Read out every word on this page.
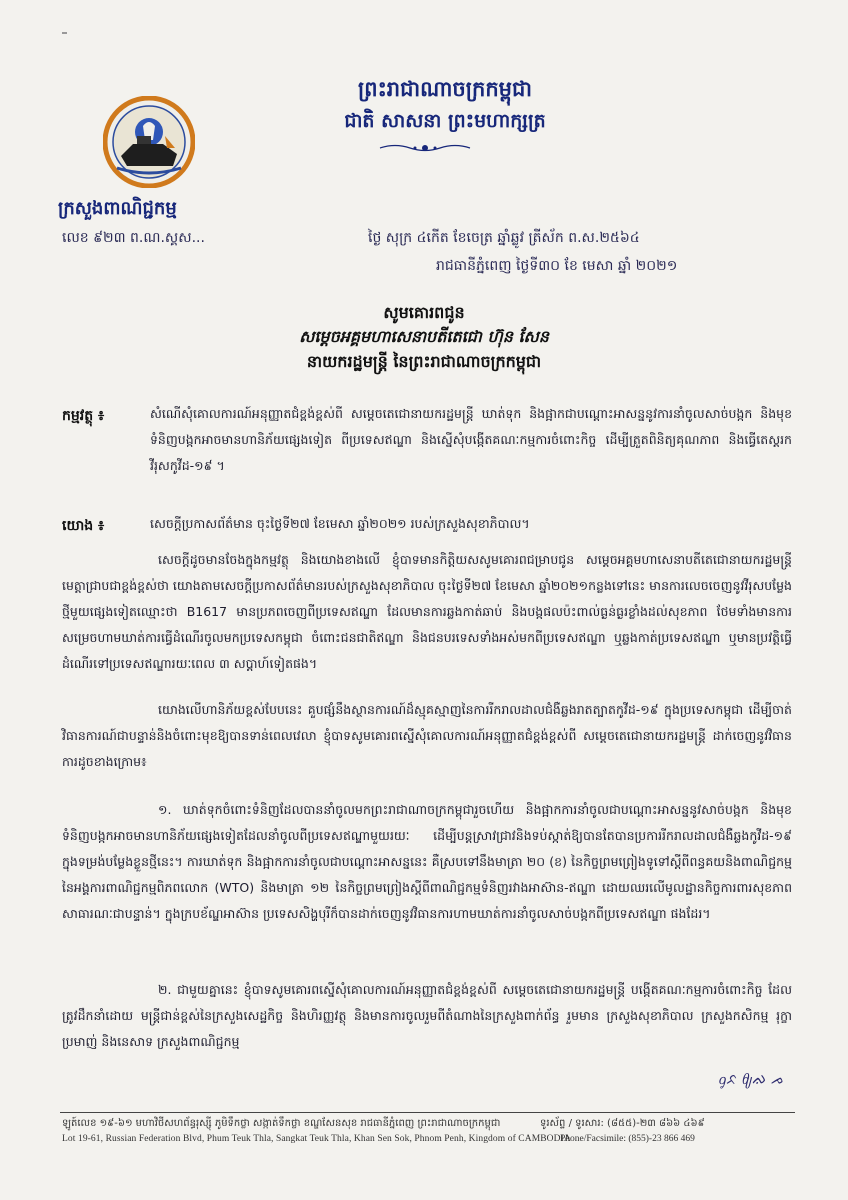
ព្រះរាជាណាចក្រកម្ពុជា
ជាតិ សាសនា ព្រះមហាក្សត្រ
ក្រសួងពាណិជ្ជកម្ម
លេខ ៩២៣ ព.ណ.ស្គស...	ថ្ងៃ សុក្រ ៤កើត ខែចេត្រ ឆ្នាំឆ្លូវ ត្រីស័ក ព.ស.២៥៦៤
រាជធានីភ្នំពេញ ថ្ងៃទី៣០ ខែ មេសា ឆ្នាំ ២០២១
សូមគោរពជូន
សម្តេចអគ្គមហាសេនាបតីតេជោ ហ៊ុន សែន
នាយករដ្ឋមន្ត្រី នៃព្រះរាជាណាចក្រកម្ពុជា
កម្មវត្ថុ ៖	សំណើសុំគោលការណ៍អនុញ្ញាតជំខ្ពង់ខ្ពស់ពី សម្តេចតេជោនាយករដ្ឋមន្ត្រី ឃាត់ទុក និងផ្អាកជាបណ្តោះអាសន្ននូវការនាំចូលសាច់បង្កក និងមុខទំនិញបង្កកអាចមានហានិភ័យផ្សេងទៀត ពីប្រទេសឥណ្ឌា និងស្នើសុំបង្កើតគណៈកម្មការចំពោះកិច្ច ដើម្បីត្រួតពិនិត្យគុណភាព និងធ្វើតេស្តរកវីរុសកូវីដ-១៩ ។
យោង ៖	សេចក្តីប្រកាសព័ត៌មាន ចុះថ្ងៃទី២៧ ខែមេសា ឆ្នាំ២០២១ របស់ក្រសួងសុខាភិបាល។
សេចក្តីដូចមានចែងក្នុងកម្មវត្ថុ និងយោងខាងលើ ខ្ញុំបាទមានកិត្តិយសសូមគោរពជម្រាបជូន សម្តេចអគ្គមហាសេនាបតីតេជោនាយករដ្ឋមន្ត្រី មេត្តាជ្រាបជាខ្ពង់ខ្ពស់ថា យោងតាមសេចក្តីប្រកាសព័ត៌មានរបស់ក្រសួងសុខាភិបាល ចុះថ្ងៃទី២៧ ខែមេសា ឆ្នាំ២០២១កន្លងទៅនេះ មានការលេចចេញនូវវីរុសបម្លែងថ្មីមួយផ្សេងទៀតឈ្មោះថា B1617 មានប្រភពចេញពីប្រទេសឥណ្ឌា ដែលមានការឆ្លងកាត់ឆាប់ និងបង្កផលប៉ះពាល់ធ្ងន់ធ្ងរខ្លាំងដល់សុខភាព ថែមទាំងមានការសម្រេចហាមឃាត់ការធ្វើដំណើរចូលមកប្រទេសកម្ពុជា ចំពោះជនជាតិឥណ្ឌា និងជនបរទេសទាំងអស់មកពីប្រទេសឥណ្ឌា ឬឆ្លងកាត់ប្រទេសឥណ្ឌា ឬមានប្រវត្តិធ្វើដំណើរទៅប្រទេសឥណ្ឌារយៈពេល ៣ សប្តាហ៍ទៀតផង។
យោងលើហានិភ័យខ្ពស់បែបនេះ គួបផ្សំនឹងស្ថានការណ៍ដ៏ស្មុគស្មាញនៃការរីករាលដាលជំងឺឆ្លងរាតត្បាតកូវីដ-១៩ ក្នុងប្រទេសកម្ពុជា ដើម្បីចាត់វិធានការណ៍ជាបន្ទាន់និងចំពោះមុខឱ្យបានទាន់ពេលវេលា ខ្ញុំបាទសូមគោរពស្នើសុំគោលការណ៍អនុញ្ញាតជំខ្ពង់ខ្ពស់ពី សម្តេចតេជោនាយករដ្ឋមន្ត្រី ដាក់ចេញនូវវិធានការដូចខាងក្រោម៖
១. ឃាត់ទុកចំពោះទំនិញដែលបាននាំចូលមកព្រះរាជាណាចក្រកម្ពុជារួចហើយ និងផ្អាកការនាំចូលជាបណ្តោះអាសន្ននូវសាច់បង្កក និងមុខទំនិញបង្កកអាចមានហានិភ័យផ្សេងទៀតដែលនាំចូលពីប្រទេសឥណ្ឌាមួយរយៈ ដើម្បីបន្តស្រាវជ្រាវនិងទប់ស្កាត់ឱ្យបានតែបានប្រការរីករាលដាលជំងឺឆ្លងកូវីដ-១៩ ក្នុងទម្រង់បម្លែងខ្លួនថ្មីនេះ។ ការឃាត់ទុក និងផ្អាកការនាំចូលជាបណ្តោះអាសន្ននេះ គឺស្របទៅនឹងមាត្រា ២០ (ខ) នៃកិច្ចព្រមព្រៀងទូទៅស្តីពីពន្ធគយនិងពាណិជ្ជកម្ម នៃអង្គការពាណិជ្ជកម្មពិភពលោក (WTO) និងមាត្រា ១២ នៃកិច្ចព្រមព្រៀងស្តីពីពាណិជ្ជកម្មទំនិញរវាងអាស៊ាន-ឥណ្ឌា ដោយឈរលើមូលដ្ឋានកិច្ចការពារសុខភាពសាធារណៈជាបន្ទាន់។ ក្នុងក្របខ័ណ្ឌអាស៊ាន ប្រទេសសិង្ហបុរីក៏បានដាក់ចេញនូវវិធានការហាមឃាត់ការនាំចូលសាច់បង្កកពីប្រទេសឥណ្ឌា ផងដែរ។
២. ជាមួយគ្នានេះ ខ្ញុំបាទសូមគោរពស្នើសុំគោលការណ៍អនុញ្ញាតជំខ្ពង់ខ្ពស់ពី សម្តេចតេជោនាយករដ្ឋមន្ត្រី បង្កើតគណៈកម្មការចំពោះកិច្ច ដែលត្រូវដឹកនាំដោយ មន្ត្រីជាន់ខ្ពស់នៃក្រសួងសេដ្ឋកិច្ច និងហិរញ្ញវត្ថុ និងមានការចូលរួមពីតំណាងនៃក្រសួងពាក់ព័ន្ធ រួមមាន ក្រសួងសុខាភិបាល ក្រសួងកសិកម្ម រុក្ខាប្រមាញ់ និងនេសាទ ក្រសួងពាណិជ្ជកម្ម
ᧁᨅ ᧀᨁ ᨍ
ឡូត៍លេខ ១៩-៦១ មហាវិថីសហព័ន្ធរុស្ស៊ី ភូមិទឹកថ្លា សង្កាត់ទឹកថ្លា ខណ្ឌសែនសុខ រាជធានីភ្នំពេញ ព្រះរាជាណាចក្រកម្ពុជា	ទូរស័ព្ទ / ទូរសារ: (៨៥៥)-២៣ ៨៦៦ ៤៦៩
Lot 19-61, Russian Federation Blvd, Phum Teuk Thla, Sangkat Teuk Thla, Khan Sen Sok, Phnom Penh, Kingdom of CAMBODIA
Phone/Facsimile: (855)-23 866 469
